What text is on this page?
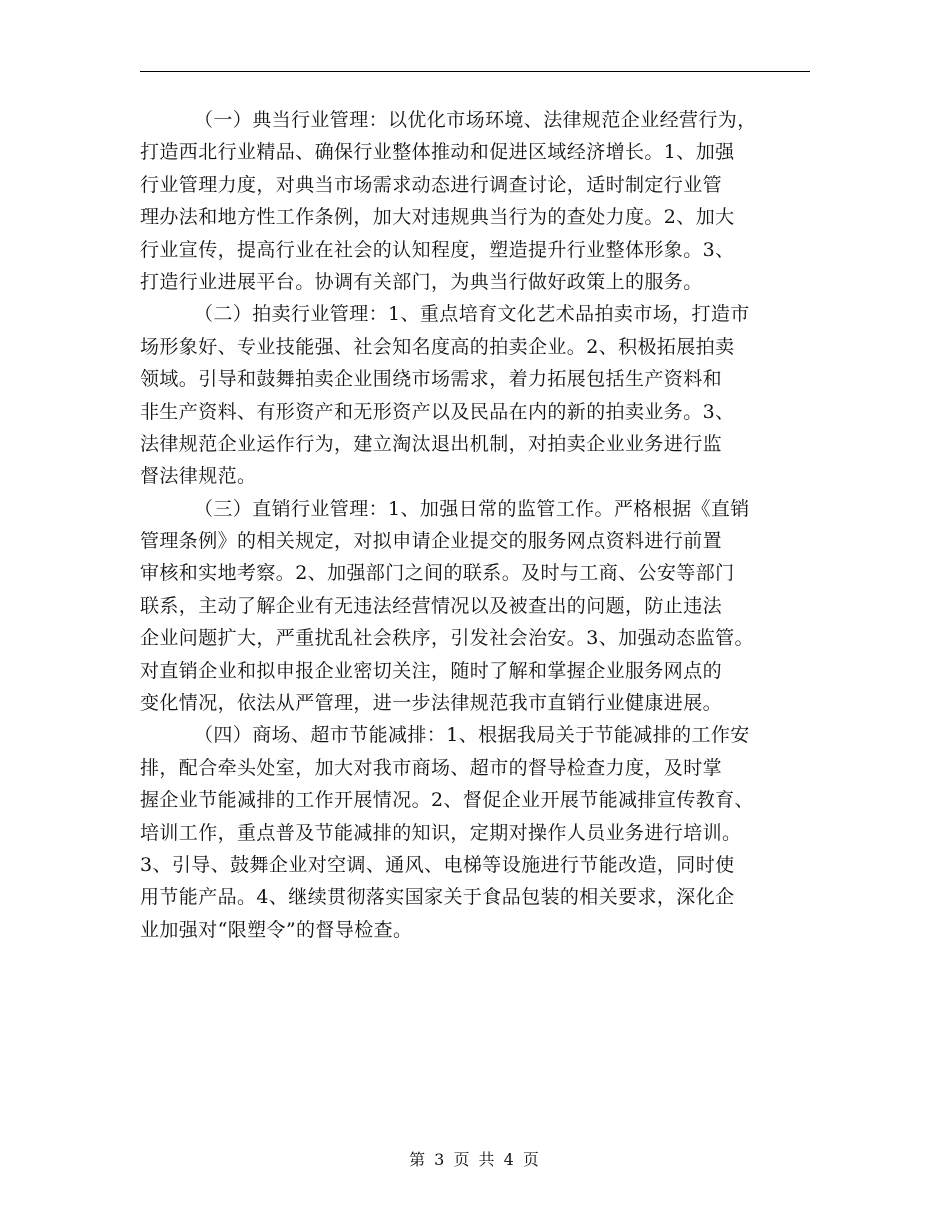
（一）典当行业管理：以优化市场环境、法律规范企业经营行为，
打造西北行业精品、确保行业整体推动和促进区域经济增长。1、加强
行业管理力度，对典当市场需求动态进行调查讨论，适时制定行业管
理办法和地方性工作条例，加大对违规典当行为的查处力度。2、加大
行业宣传，提高行业在社会的认知程度，塑造提升行业整体形象。3、
打造行业进展平台。协调有关部门，为典当行做好政策上的服务。
（二）拍卖行业管理：1、重点培育文化艺术品拍卖市场，打造市
场形象好、专业技能强、社会知名度高的拍卖企业。2、积极拓展拍卖
领域。引导和鼓舞拍卖企业围绕市场需求，着力拓展包括生产资料和
非生产资料、有形资产和无形资产以及民品在内的新的拍卖业务。3、
法律规范企业运作行为，建立淘汰退出机制，对拍卖企业业务进行监
督法律规范。
（三）直销行业管理：1、加强日常的监管工作。严格根据《直销
管理条例》的相关规定，对拟申请企业提交的服务网点资料进行前置
审核和实地考察。2、加强部门之间的联系。及时与工商、公安等部门
联系，主动了解企业有无违法经营情况以及被查出的问题，防止违法
企业问题扩大，严重扰乱社会秩序，引发社会治安。3、加强动态监管。
对直销企业和拟申报企业密切关注，随时了解和掌握企业服务网点的
变化情况，依法从严管理，进一步法律规范我市直销行业健康进展。
（四）商场、超市节能减排：1、根据我局关于节能减排的工作安
排，配合牵头处室，加大对我市商场、超市的督导检查力度，及时掌
握企业节能减排的工作开展情况。2、督促企业开展节能减排宣传教育、
培训工作，重点普及节能减排的知识，定期对操作人员业务进行培训。
3、引导、鼓舞企业对空调、通风、电梯等设施进行节能改造，同时使
用节能产品。4、继续贯彻落实国家关于食品包装的相关要求，深化企
业加强对“限塑令”的督导检查。
第 3 页 共 4 页
